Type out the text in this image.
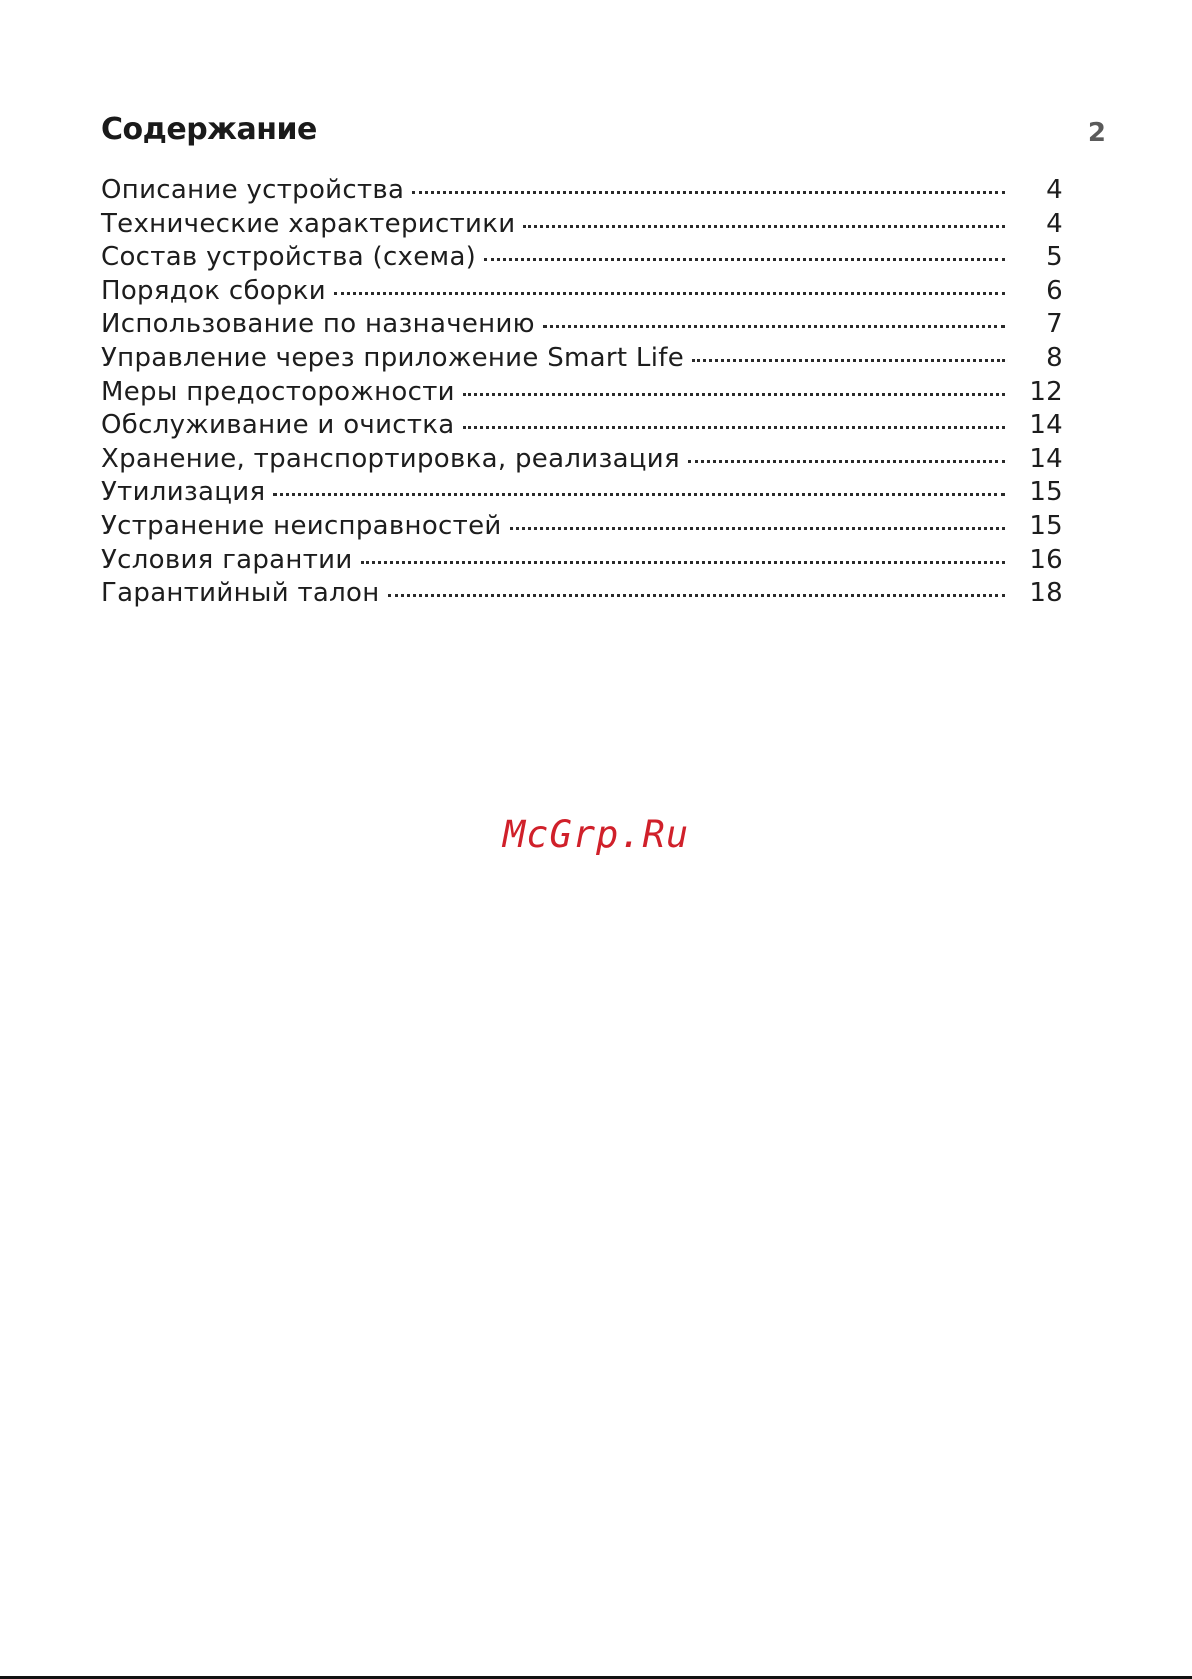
Содержание	2
Описание устройства	4
Технические характеристики	4
Состав устройства (схема)	5
Порядок сборки	6
Использование по назначению	7
Управление через приложение Smart Life	8
Меры предосторожности	12
Обслуживание и очистка	14
Хранение, транспортировка, реализация	14
Утилизация	15
Устранение неисправностей	15
Условия гарантии	16
Гарантийный талон	18
McGrp.Ru
